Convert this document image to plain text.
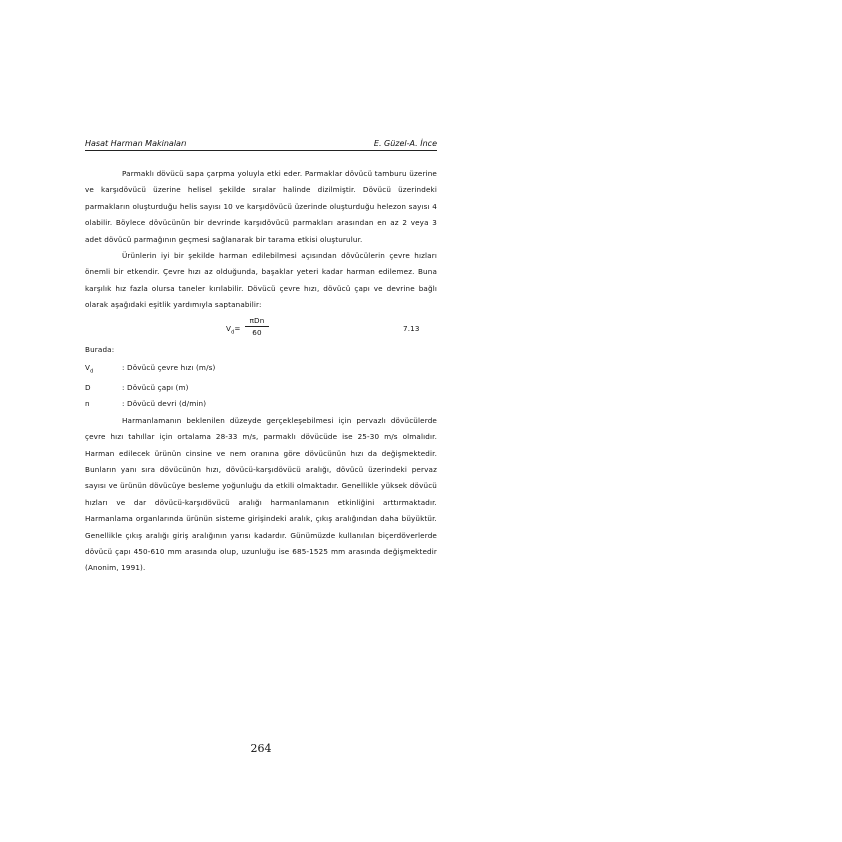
Hasat Harman Makinaları	E. Güzel-A. İnce

Parmaklı dövücü sapa çarpma yoluyla etki eder. Parmaklar dövücü tamburu üzerine ve karşıdövücü üzerine helisel şekilde sıralar halinde dizilmiştir. Dövücü üzerindeki parmakların oluşturduğu helis sayısı 10 ve karşıdövücü üzerinde oluşturduğu helezon sayısı 4 olabilir. Böylece dövücünün bir devrinde karşıdövücü parmakları arasından en az 2 veya 3 adet dövücü parmağının geçmesi sağlanarak bir tarama etkisi oluşturulur.

Ürünlerin iyi bir şekilde harman edilebilmesi açısından dövücülerin çevre hızları önemli bir etkendir. Çevre hızı az olduğunda, başaklar yeteri kadar harman edilemez. Buna karşılık hız fazla olursa taneler kırılabilir. Dövücü çevre hızı, dövücü çapı ve devrine bağlı olarak aşağıdaki eşitlik yardımıyla saptanabilir:

$V_d=$
πDn
60	7.13
Burada:
$V_d$	: Dövücü çevre hızı (m/s)
D	: Dövücü çapı (m)
n	: Dövücü devri (d/min)

Harmanlamanın beklenilen düzeyde gerçekleşebilmesi için pervazlı dövücülerde çevre hızı tahıllar için ortalama 28-33 m/s, parmaklı dövücüde ise 25-30 m/s olmalıdır. Harman edilecek ürünün cinsine ve nem oranına göre dövücünün hızı da değişmektedir. Bunların yanı sıra dövücünün hızı, dövücü-karşıdövücü aralığı, dövücü üzerindeki pervaz sayısı ve ürünün dövücüye besleme yoğunluğu da etkili olmaktadır. Genellikle yüksek dövücü hızları ve dar dövücü-karşıdövücü aralığı harmanlamanın etkinliğini arttırmaktadır. Harmanlama organlarında ürünün sisteme girişindeki aralık, çıkış aralığından daha büyüktür. Genellikle çıkış aralığı giriş aralığının yarısı kadardır. Günümüzde kullanılan biçerdöverlerde dövücü çapı 450-610 mm arasında olup, uzunluğu ise 685-1525 mm arasında değişmektedir (Anonim, 1991).

264
